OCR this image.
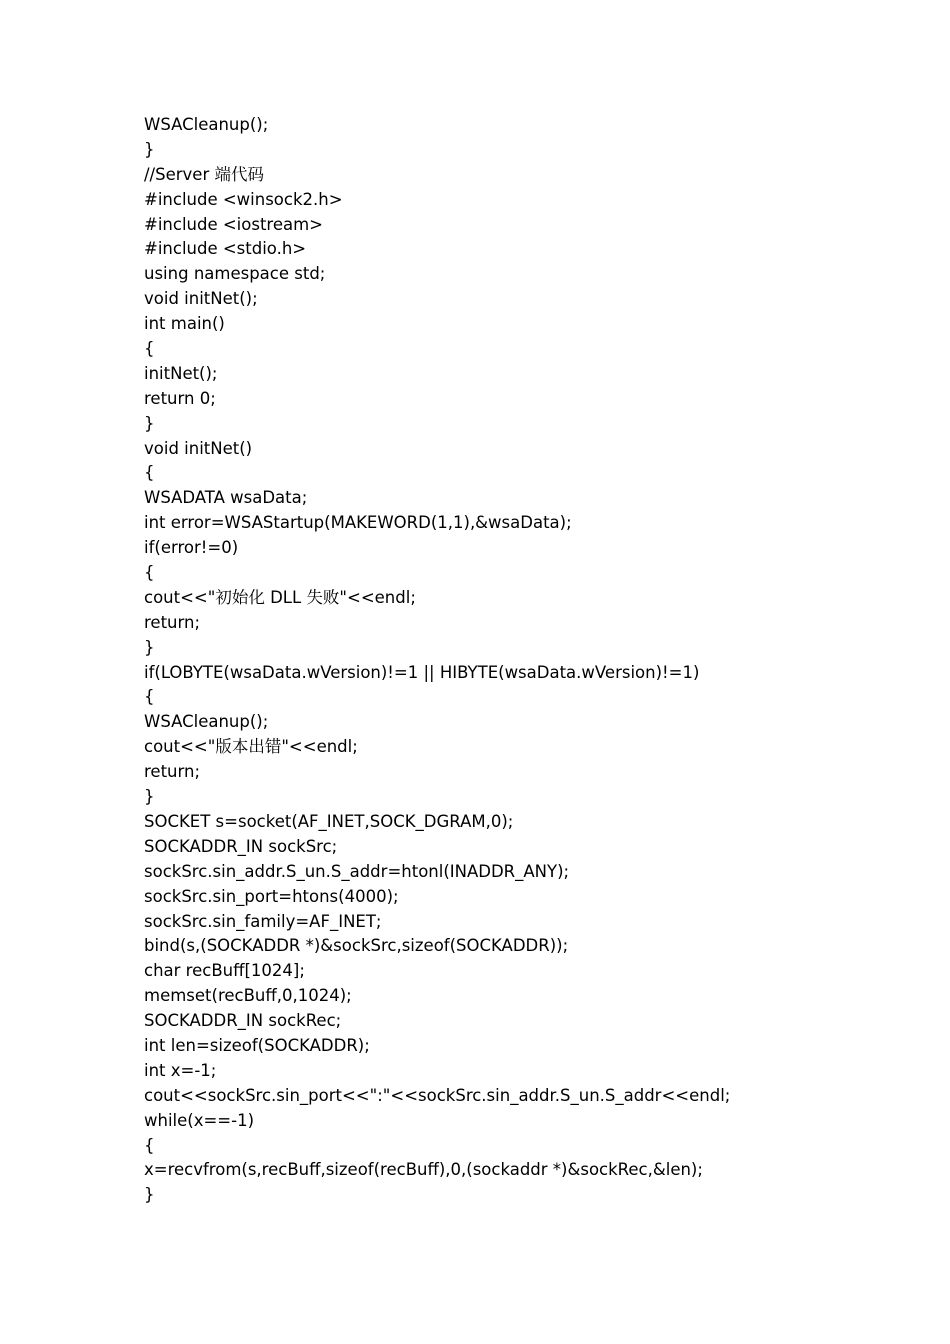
WSACleanup();
}
//Server 端代码
#include <winsock2.h>
#include <iostream>
#include <stdio.h>
using namespace std;
void initNet();
int main()
{
initNet();
return 0;
}
void initNet()
{
WSADATA wsaData;
int error=WSAStartup(MAKEWORD(1,1),&wsaData);
if(error!=0)
{
cout<<"初始化 DLL 失败"<<endl;
return;
}
if(LOBYTE(wsaData.wVersion)!=1 || HIBYTE(wsaData.wVersion)!=1)
{
WSACleanup();
cout<<"版本出错"<<endl;
return;
}
SOCKET s=socket(AF_INET,SOCK_DGRAM,0);
SOCKADDR_IN sockSrc;
sockSrc.sin_addr.S_un.S_addr=htonl(INADDR_ANY);
sockSrc.sin_port=htons(4000);
sockSrc.sin_family=AF_INET;
bind(s,(SOCKADDR *)&sockSrc,sizeof(SOCKADDR));
char recBuff[1024];
memset(recBuff,0,1024);
SOCKADDR_IN sockRec;
int len=sizeof(SOCKADDR);
int x=-1;
cout<<sockSrc.sin_port<<":"<<sockSrc.sin_addr.S_un.S_addr<<endl;
while(x==-1)
{
x=recvfrom(s,recBuff,sizeof(recBuff),0,(sockaddr *)&sockRec,&len);
}
